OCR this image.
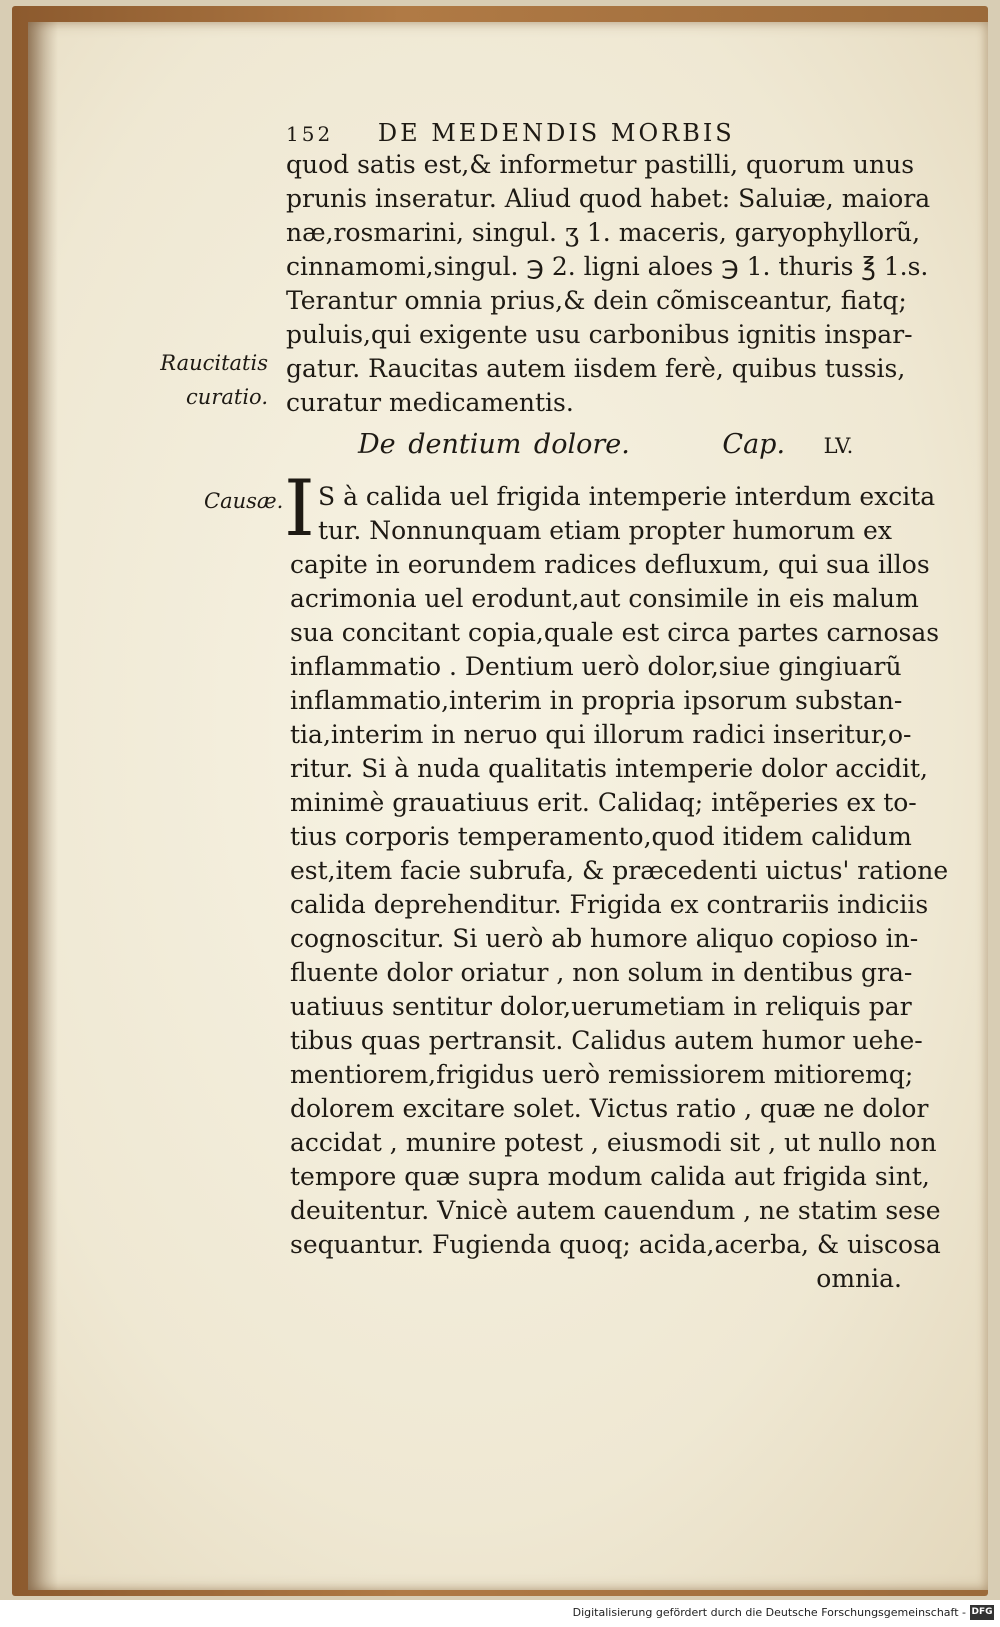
152 DE MEDENDIS MORBIS
quod satis est,& informetur pastilli, quorum unus
prunis inseratur. Aliud quod habet: Saluiæ, maiora
næ,rosmarini, singul. ʒ 1. maceris, garyophyllorũ,
cinnamomi,singul. ℈ 2. ligni aloes ℈ 1. thuris ℥ 1.s.
Terantur omnia prius,& dein cõmisceantur, fiatq;
puluis,qui exigente usu carbonibus ignitis inspar-
gatur. Raucitas autem iisdem ferè, quibus tussis,
curatur medicamentis.
Raucitatis
curatio.
De dentium dolore.	Cap. LV.
Causæ. I S à calida uel frigida intemperie interdum excita
tur. Nonnunquam etiam propter humorum ex
capite in eorundem radices defluxum, qui sua illos
acrimonia uel erodunt,aut consimile in eis malum
sua concitant copia,quale est circa partes carnosas
inflammatio . Dentium uerò dolor,siue gingiuarũ
inflammatio,interim in propria ipsorum substan-
tia,interim in neruo qui illorum radici inseritur,o-
ritur. Si à nuda qualitatis intemperie dolor accidit,
minimè grauatiuus erit. Calidaq; intẽperies ex to-
tius corporis temperamento,quod itidem calidum
est,item facie subrufa, & præcedenti uictus' ratione
calida deprehenditur. Frigida ex contrariis indiciis
cognoscitur. Si uerò ab humore aliquo copioso in-
fluente dolor oriatur , non solum in dentibus gra-
uatiuus sentitur dolor,uerumetiam in reliquis par
tibus quas pertransit. Calidus autem humor uehe-
mentiorem,frigidus uerò remissiorem mitioremq;
dolorem excitare solet. Victus ratio , quæ ne dolor
accidat , munire potest , eiusmodi sit , ut nullo non
tempore quæ supra modum calida aut frigida sint,
deuitentur. Vnicè autem cauendum , ne statim sese
sequantur. Fugienda quoq; acida,acerba, & uiscosa
omnia.
Digitalisierung gefördert durch die Deutsche Forschungsgemeinschaft - DFG
